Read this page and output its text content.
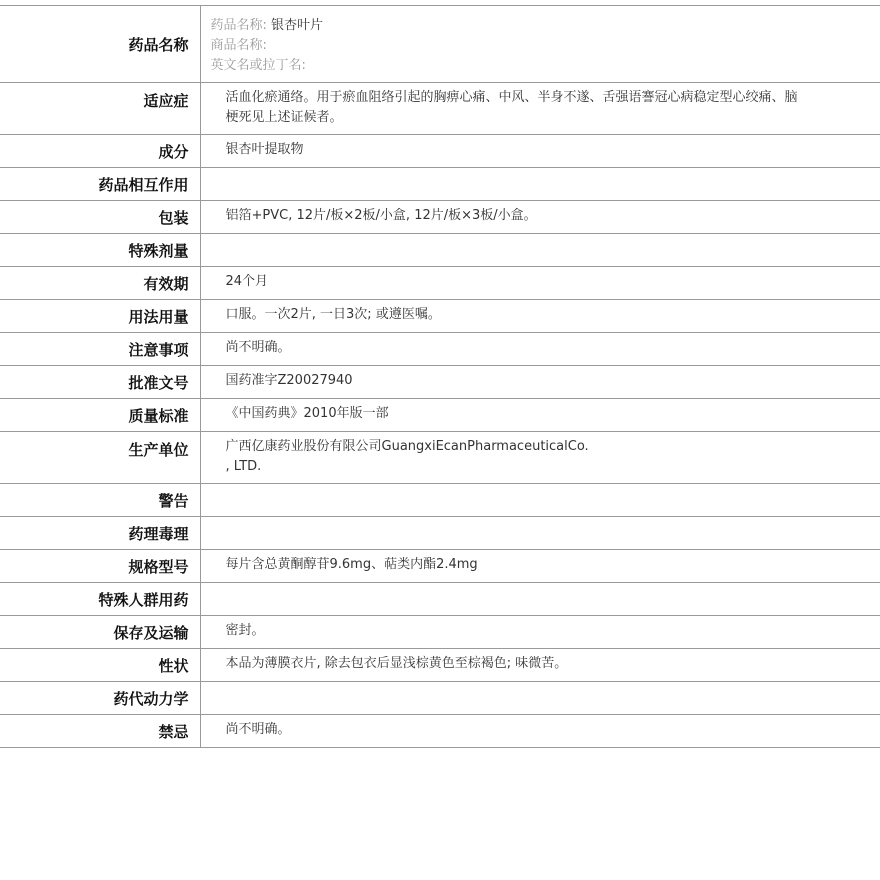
药品名称	药品名称: 银杏叶片
商品名称:
英文名或拉丁名:

适应症	活血化瘀通络。用于瘀血阻络引起的胸痹心痛、中风、半身不遂、舌强语謇冠心病稳定型心绞痛、脑梗死见上述证候者。
成分	银杏叶提取物
药品相互作用	
包装	铝箔+PVC, 12片/板×2板/小盒, 12片/板×3板/小盒。
特殊剂量	
有效期	24个月
用法用量	口服。一次2片, 一日3次; 或遵医嘱。
注意事项	尚不明确。
批准文号	国药准字Z20027940
质量标准	《中国药典》2010年版一部
生产单位	广西亿康药业股份有限公司GuangxiEcanPharmaceuticalCo.
, LTD.
警告	
药理毒理	
规格型号	每片含总黄酮醇苷9.6mg、萜类内酯2.4mg
特殊人群用药	
保存及运输	密封。
性状	本品为薄膜衣片, 除去包衣后显浅棕黄色至棕褐色; 味微苦。
药代动力学	
禁忌	尚不明确。
